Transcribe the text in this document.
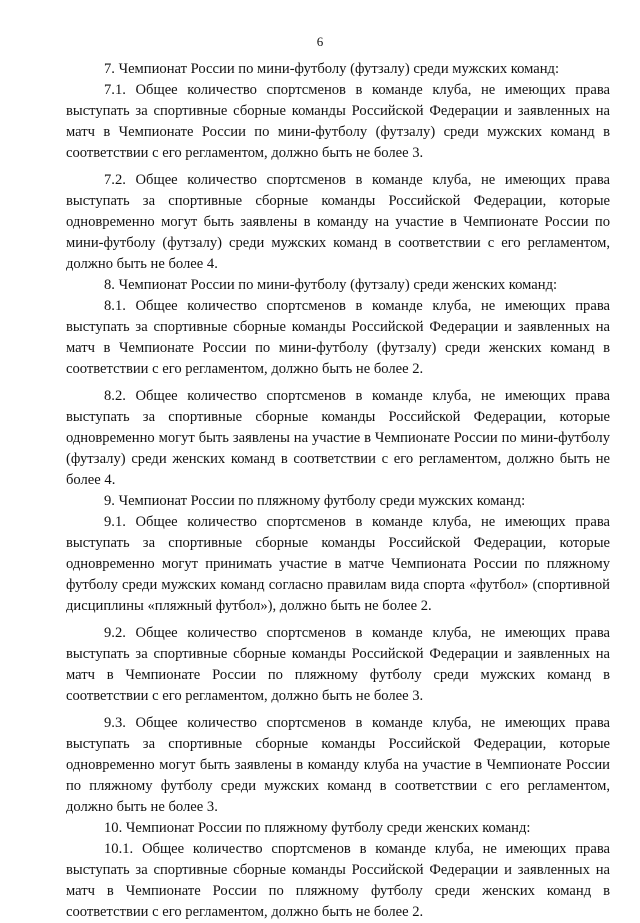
6

7. Чемпионат России по мини-футболу (футзалу) среди мужских команд:

7.1. Общее количество спортсменов в команде клуба, не имеющих права выступать за спортивные сборные команды Российской Федерации и заявленных на матч в Чемпионате России по мини-футболу (футзалу) среди мужских команд в соответствии с его регламентом, должно быть не более 3.

7.2. Общее количество спортсменов в команде клуба, не имеющих права выступать за спортивные сборные команды Российской Федерации, которые одновременно могут быть заявлены в команду на участие в Чемпионате России по мини-футболу (футзалу) среди мужских команд в соответствии с его регламентом, должно быть не более 4.

8. Чемпионат России по мини-футболу (футзалу) среди женских команд:

8.1. Общее количество спортсменов в команде клуба, не имеющих права выступать за спортивные сборные команды Российской Федерации и заявленных на матч в Чемпионате России по мини-футболу (футзалу) среди женских команд в соответствии с его регламентом, должно быть не более 2.

8.2. Общее количество спортсменов в команде клуба, не имеющих права выступать за спортивные сборные команды Российской Федерации, которые одновременно могут быть заявлены на участие в Чемпионате России по мини-футболу (футзалу) среди женских команд в соответствии с его регламентом, должно быть не более 4.

9. Чемпионат России по пляжному футболу среди мужских команд:

9.1. Общее количество спортсменов в команде клуба, не имеющих права выступать за спортивные сборные команды Российской Федерации, которые одновременно могут принимать участие в матче Чемпионата России по пляжному футболу среди мужских команд согласно правилам вида спорта «футбол» (спортивной дисциплины «пляжный футбол»), должно быть не более 2.

9.2. Общее количество спортсменов в команде клуба, не имеющих права выступать за спортивные сборные команды Российской Федерации и заявленных на матч в Чемпионате России по пляжному футболу среди мужских команд в соответствии с его регламентом, должно быть не более 3.

9.3. Общее количество спортсменов в команде клуба, не имеющих права выступать за спортивные сборные команды Российской Федерации, которые одновременно могут быть заявлены в команду клуба на участие в Чемпионате России по пляжному футболу среди мужских команд в соответствии с его регламентом, должно быть не более 3.

10. Чемпионат России по пляжному футболу среди женских команд:

10.1. Общее количество спортсменов в команде клуба, не имеющих права выступать за спортивные сборные команды Российской Федерации и заявленных на матч в Чемпионате России по пляжному футболу среди женских команд в соответствии с его регламентом, должно быть не более 2.
